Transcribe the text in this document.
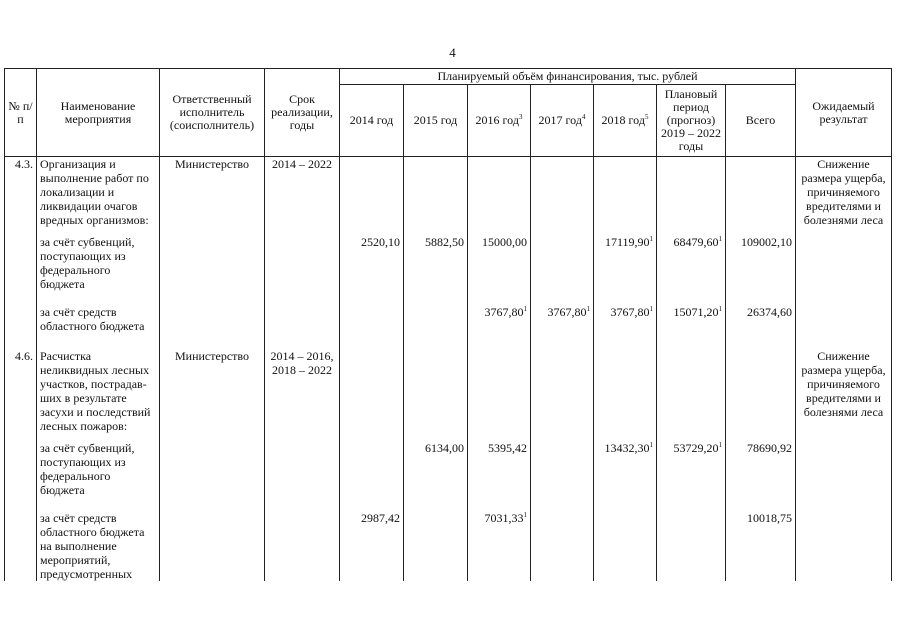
4
№ п/п	Наименование мероприятия	Ответственный исполнитель (соисполнитель)	Срок реализации, годы	Планируемый объём финансирования, тыс. рублей							Ожидаемый результат
				2014 год	2015 год	2016 год$^3$	2017 год$^4$	2018 год$^5$	Плановый период (прогноз) 2019 – 2022 годы	Всего	
4.3.	Организация и выполнение работ по локализации и ликвидации очагов вредных организмов:	Министерство	2014 – 2022								Снижение размера ущерба, причиняемого вредителями и болезнями леса

	за счёт субвенций, поступающих из федерального бюджета			2520,10	5882,50	15000,00		17119,90$^1$	68479,60$^1$	109002,10	
	за счёт средств областного бюджета					3767,80$^1$	3767,80$^1$	3767,80$^1$	15071,20$^1$	26374,60	

4.6.	Расчистка неликвидных лесных участков, пострадав-ших в результате засухи и последствий лесных пожаров:	Министерство	2014 – 2016, 2018 – 2022								Снижение размера ущерба, причиняемого вредителями и болезнями леса

	за счёт субвенций, поступающих из федерального бюджета				6134,00	5395,42		13432,30$^1$	53729,20$^1$	78690,92	
	за счёт средств областного бюджета на выполнение мероприятий, предусмотренных			2987,42		7031,33$^1$				10018,75	
